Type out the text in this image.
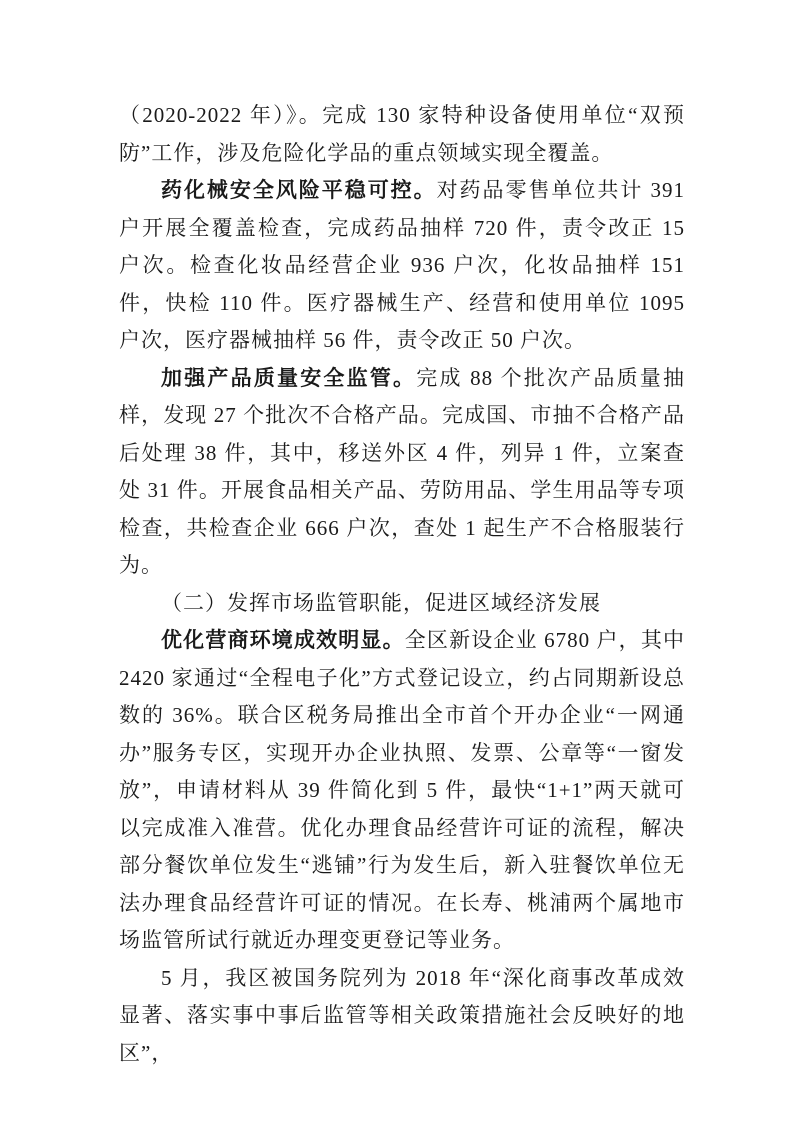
（2020-2022 年）》。完成 130 家特种设备使用单位“双预防”工作，涉及危险化学品的重点领域实现全覆盖。

药化械安全风险平稳可控。对药品零售单位共计 391 户开展全覆盖检查，完成药品抽样 720 件，责令改正 15 户次。检查化妆品经营企业 936 户次，化妆品抽样 151 件，快检 110 件。医疗器械生产、经营和使用单位 1095 户次，医疗器械抽样 56 件，责令改正 50 户次。

加强产品质量安全监管。完成 88 个批次产品质量抽样，发现 27 个批次不合格产品。完成国、市抽不合格产品后处理 38 件，其中，移送外区 4 件，列异 1 件，立案查处 31 件。开展食品相关产品、劳防用品、学生用品等专项检查，共检查企业 666 户次，查处 1 起生产不合格服装行为。

（二）发挥市场监管职能，促进区域经济发展

优化营商环境成效明显。全区新设企业 6780 户，其中 2420 家通过“全程电子化”方式登记设立，约占同期新设总数的 36%。联合区税务局推出全市首个开办企业“一网通办”服务专区，实现开办企业执照、发票、公章等“一窗发放”，申请材料从 39 件简化到 5 件，最快“1+1”两天就可以完成准入准营。优化办理食品经营许可证的流程，解决部分餐饮单位发生“逃铺”行为发生后，新入驻餐饮单位无法办理食品经营许可证的情况。在长寿、桃浦两个属地市场监管所试行就近办理变更登记等业务。

5 月，我区被国务院列为 2018 年“深化商事改革成效显著、落实事中事后监管等相关政策措施社会反映好的地区”，
